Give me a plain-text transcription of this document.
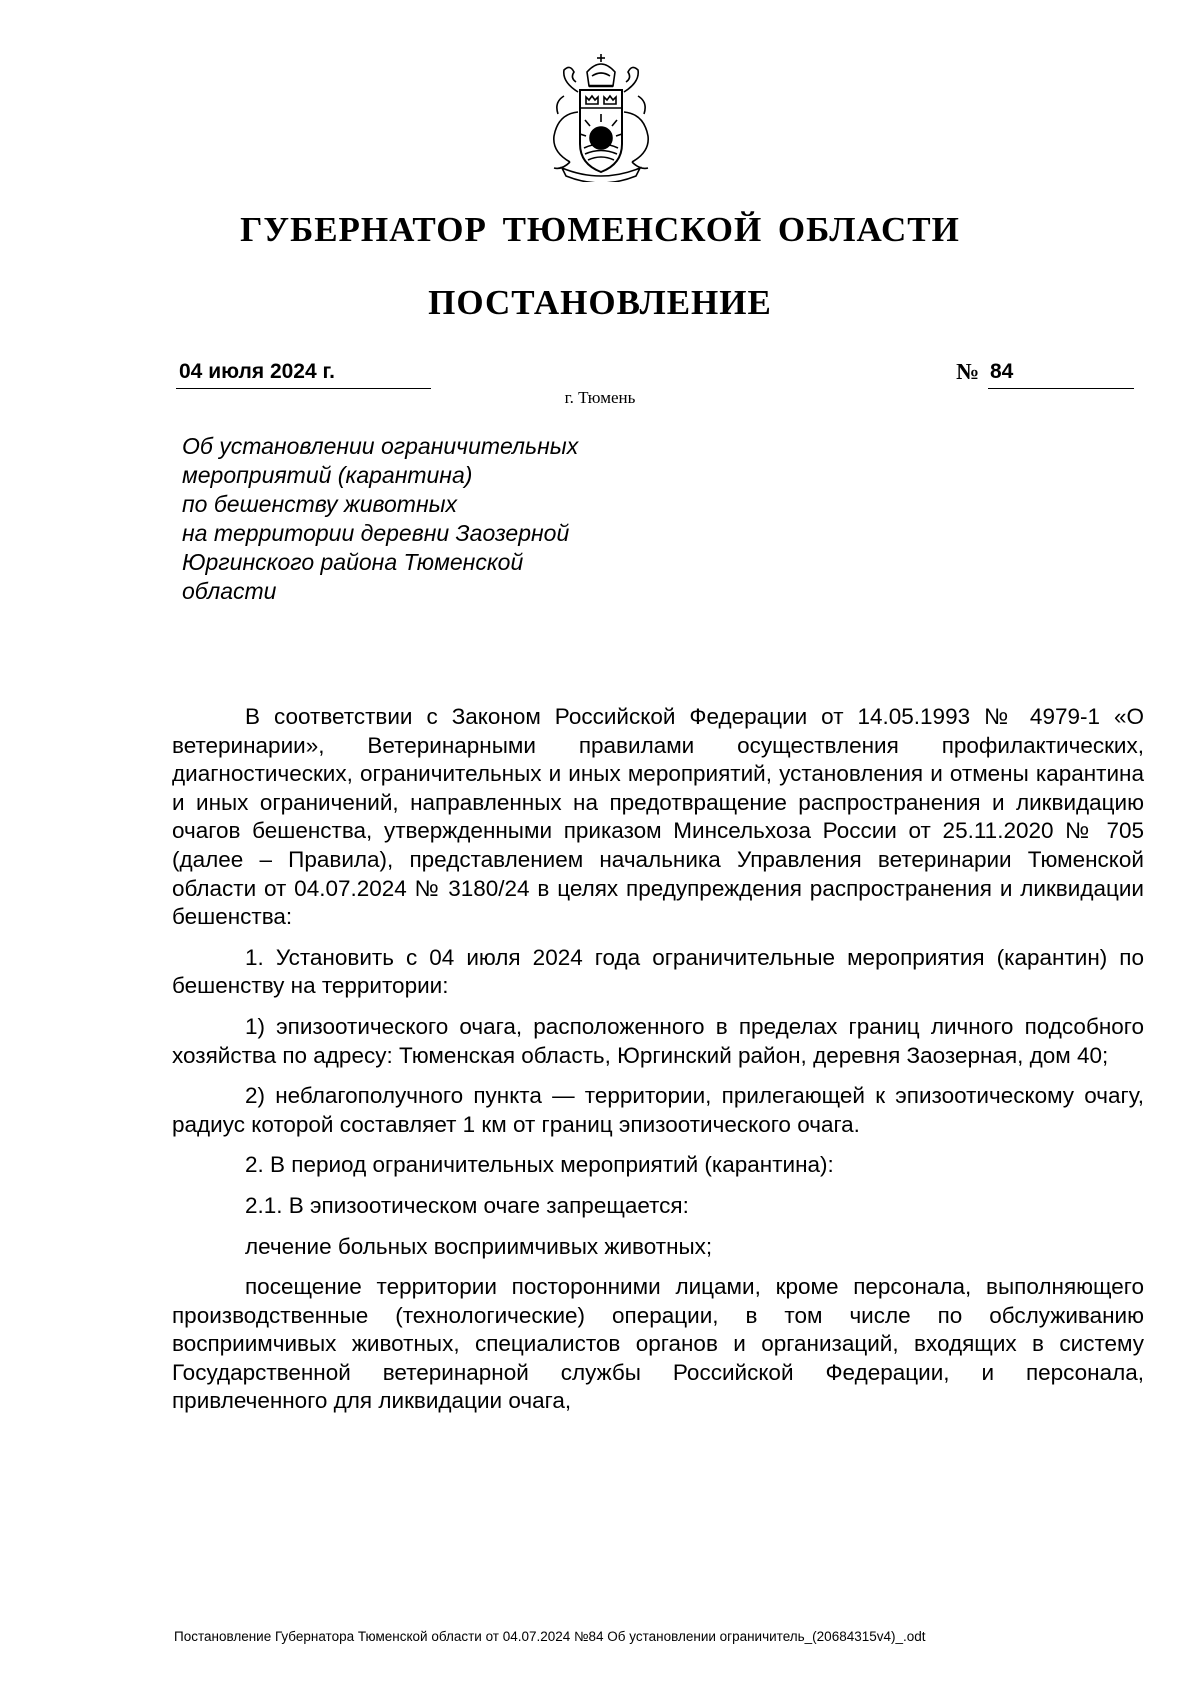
ГУБЕРНАТОР ТЮМЕНСКОЙ ОБЛАСТИ
ПОСТАНОВЛЕНИЕ
04 июля 2024 г.	№ 84
г. Тюмень
Об установлении ограничительных
мероприятий (карантина)
по бешенству животных
на территории деревни Заозерной
Юргинского района Тюменской
области

В соответствии с Законом Российской Федерации от 14.05.1993 № 4979-1 «О ветеринарии», Ветеринарными правилами осуществления профилактических, диагностических, ограничительных и иных мероприятий, установления и отмены карантина и иных ограничений, направленных на предотвращение распространения и ликвидацию очагов бешенства, утвержденными приказом Минсельхоза России от 25.11.2020 № 705 (далее – Правила), представлением начальника Управления ветеринарии Тюменской области от 04.07.2024 № 3180/24 в целях предупреждения распространения и ликвидации бешенства:

1. Установить с 04 июля 2024 года ограничительные мероприятия (карантин) по бешенству на территории:

1) эпизоотического очага, расположенного в пределах границ личного подсобного хозяйства по адресу: Тюменская область, Юргинский район, деревня Заозерная, дом 40;

2) неблагополучного пункта — территории, прилегающей к эпизоотическому очагу, радиус которой составляет 1 км от границ эпизоотического очага.

2. В период ограничительных мероприятий (карантина):

2.1. В эпизоотическом очаге запрещается:

лечение больных восприимчивых животных;

посещение территории посторонними лицами, кроме персонала, выполняющего производственные (технологические) операции, в том числе по обслуживанию восприимчивых животных, специалистов органов и организаций, входящих в систему Государственной ветеринарной службы Российской Федерации, и персонала, привлеченного для ликвидации очага,

Постановление Губернатора Тюменской области от 04.07.2024 №84 Об установлении ограничитель_(20684315v4)_.odt
